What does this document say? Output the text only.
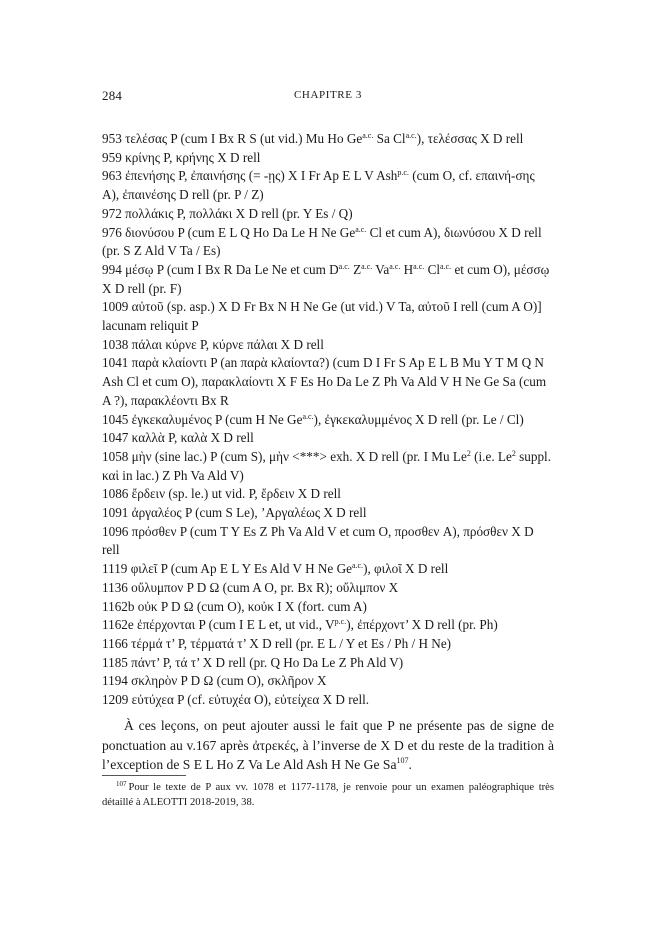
284	CHAPITRE 3

953 τελέσας P (cum I Bx R S (ut vid.) Mu Ho $Ge^{a.c.}$ Sa $Cl^{a.c.}$), τελέσσας X D rell

959 κρίνης P, κρήνης X D rell

963 ἐπενήσης P, ἐπαινήσης (= -ῃς) X I Fr Ap E L V Ash$^{p.c.}$ (cum O, cf. επαινή-σης A), ἐπαινέσης D rell (pr. P / Z)

972 πολλάκις P, πολλάκι X D rell (pr. Y Es / Q)

976 διονύσου P (cum E L Q Ho Da Le H Ne $Ge^{a.c.}$ Cl et cum A), διωνύσου X D rell (pr. S Z Ald V Ta / Es)

994 μέσῳ P (cum I Bx R Da Le Ne et cum $D^{a.c.}$ $Z^{a.c.}$ $Va^{a.c.}$ $H^{a.c.}$ $Cl^{a.c.}$ et cum O), μέσσῳ X D rell (pr. F)

1009 αὐτοῦ (sp. asp.) X D Fr Bx N H Ne Ge (ut vid.) V Ta, αὐτοῦ I rell (cum A O)] lacunam reliquit P

1038 πάλαι κύρνε P, κύρνε πάλαι X D rell

1041 παρὰ κλαίοντι P (an παρὰ κλαίοντα?) (cum D I Fr S Ap E L B Mu Y T M Q N Ash Cl et cum O), παρακλαίοντι X F Es Ho Da Le Z Ph Va Ald V H Ne Ge Sa (cum A ?), παρακλέοντι Bx R

1045 ἐγκεκαλυμένος P (cum H Ne $Ge^{a.c.}$), ἐγκεκαλυμμένος X D rell (pr. Le / Cl)

1047 καλλὰ P, καλὰ X D rell

1058 μὴν (sine lac.) P (cum S), μὴν <***> exh. X D rell (pr. I Mu Le$^2$ (i.e. Le$^2$ suppl. καὶ in lac.) Z Ph Va Ald V)

1086 ἔρδειν (sp. le.) ut vid. P, ἔρδειν X D rell

1091 ἀργαλέος P (cum S Le), ’Αργαλέως X D rell

1096 πρόσθεν P (cum T Y Es Z Ph Va Ald V et cum O, προσθεν A), πρόσθεν X D rell

1119 φιλεῖ P (cum Ap E L Y Es Ald V H Ne $Ge^{a.c.}$), φιλοῖ X D rell

1136 οὔλυμπον P D Ω (cum A O, pr. Bx R); οὔλιμπον X

1162b οὐκ P D Ω (cum O), κοὐκ I X (fort. cum A)

1162e ἐπέρχονται P (cum I E L et, ut vid., $V^{p.c.}$), ἐπέρχοντ’ X D rell (pr. Ph)

1166 τέρμά τ’ P, τέρματά τ’ X D rell (pr. E L / Y et Es / Ph / H Ne)

1185 πάντ’ P, τά τ’ X D rell (pr. Q Ho Da Le Z Ph Ald V)

1194 σκληρὸν P D Ω (cum O), σκλῆρον X

1209 εὐτύχεα P (cf. εὐτυχέα O), εὐτείχεα X D rell.

À ces leçons, on peut ajouter aussi le fait que P ne présente pas de signe de ponctuation au v.167 après ἀτρεκές, à l’inverse de X D et du reste de la tradition à l’exception de S E L Ho Z Va Le Ald Ash H Ne Ge Sa$^{107}$.

$^{107}$ Pour le texte de P aux vv. 1078 et 1177-1178, je renvoie pour un examen paléographique très détaillé à ALEOTTI 2018-2019, 38.
